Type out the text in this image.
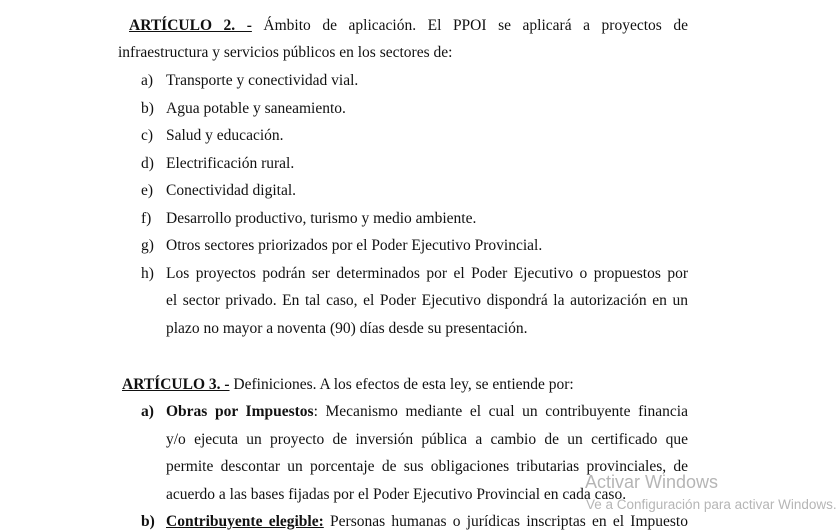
ARTÍCULO 2. - Ámbito de aplicación. El PPOI se aplicará a proyectos de
infraestructura y servicios públicos en los sectores de:
a) Transporte y conectividad vial.
b) Agua potable y saneamiento.
c) Salud y educación.
d) Electrificación rural.
e) Conectividad digital.
f) Desarrollo productivo, turismo y medio ambiente.
g) Otros sectores priorizados por el Poder Ejecutivo Provincial.
h) Los proyectos podrán ser determinados por el Poder Ejecutivo o propuestos por
el sector privado. En tal caso, el Poder Ejecutivo dispondrá la autorización en un
plazo no mayor a noventa (90) días desde su presentación.
ARTÍCULO 3. - Definiciones. A los efectos de esta ley, se entiende por:
a) Obras por Impuestos: Mecanismo mediante el cual un contribuyente financia
y/o ejecuta un proyecto de inversión pública a cambio de un certificado que
permite descontar un porcentaje de sus obligaciones tributarias provinciales, de
acuerdo a las bases fijadas por el Poder Ejecutivo Provincial en cada caso.
b) Contribuyente elegible: Personas humanas o jurídicas inscriptas en el Impuesto
Activar Windows
Ve a Configuración para activar Windows.
